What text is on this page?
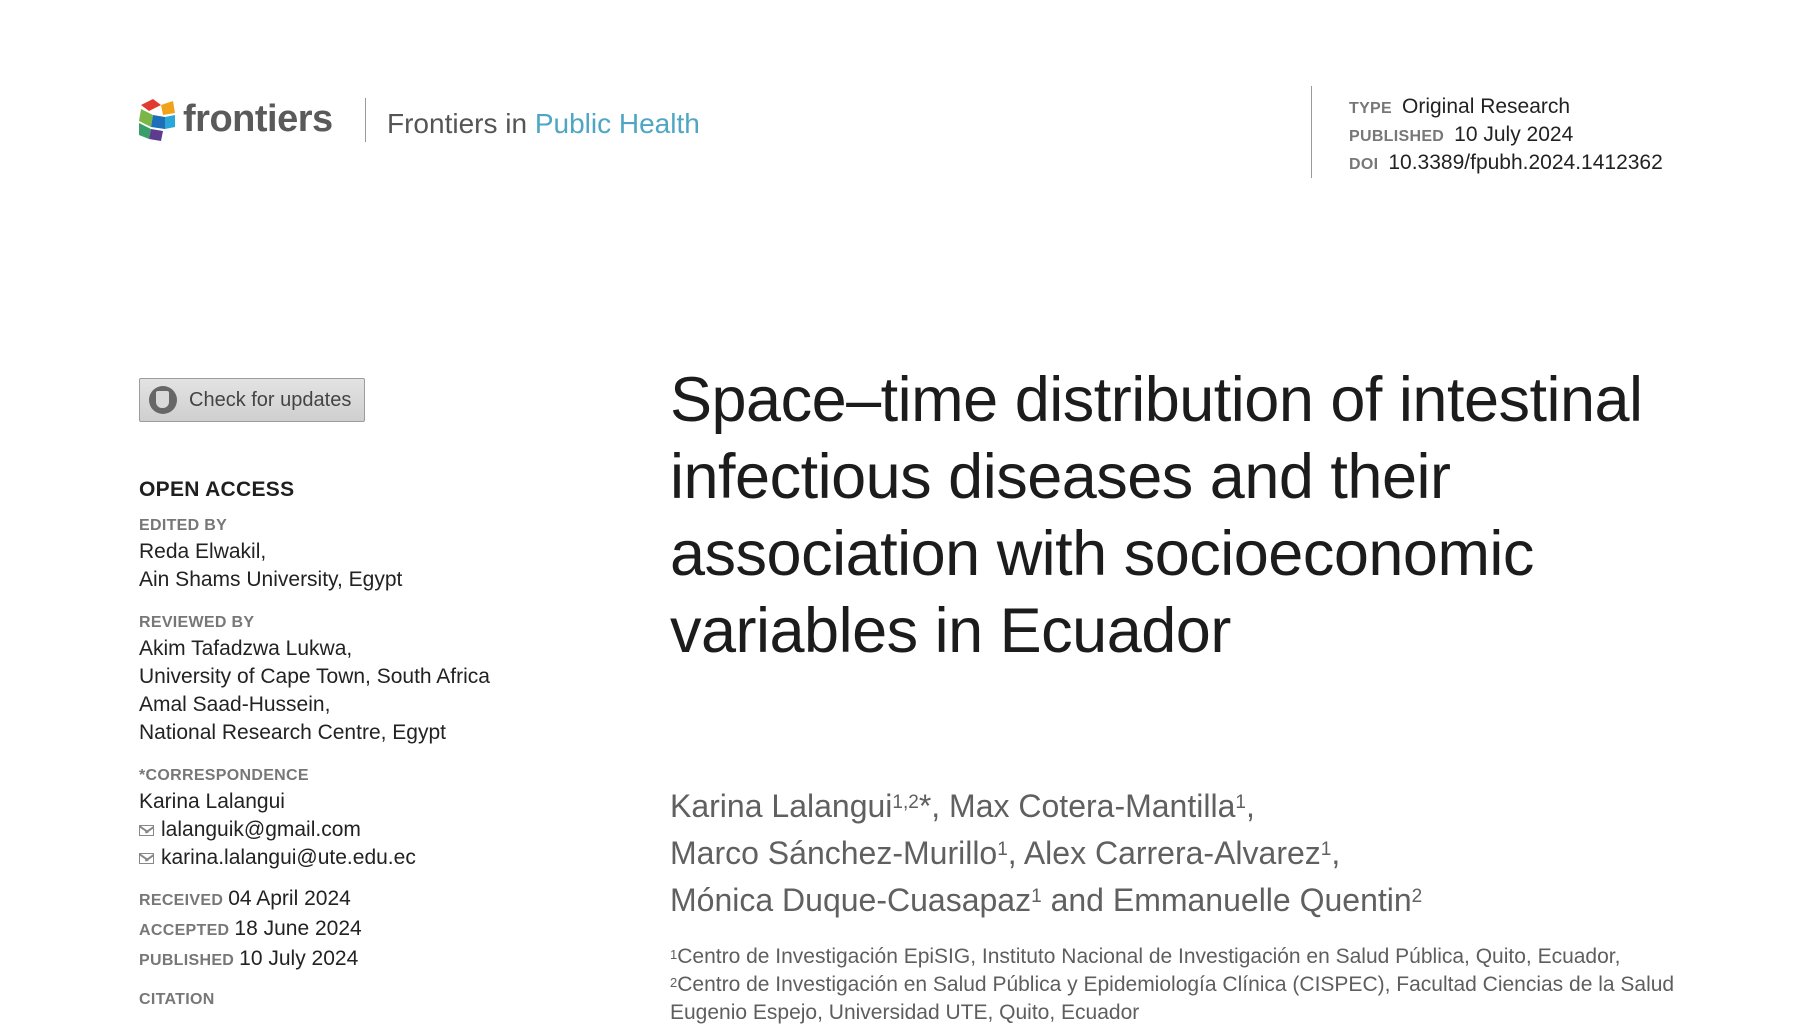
frontiers Frontiers in Public Health	TYPE Original Research
PUBLISHED 10 July 2024
DOI 10.3389/fpubh.2024.1412362
Check for updates
OPEN ACCESS
EDITED BY
Reda Elwakil,
Ain Shams University, Egypt
REVIEWED BY
Akim Tafadzwa Lukwa,
University of Cape Town, South Africa
Amal Saad-Hussein,
National Research Centre, Egypt
*CORRESPONDENCE
Karina Lalangui
lalanguik@gmail.com
karina.lalangui@ute.edu.ec
RECEIVED 04 April 2024
ACCEPTED 18 June 2024
PUBLISHED 10 July 2024
CITATION
Space–time distribution of intestinal infectious diseases and their association with socioeconomic variables in Ecuador
Karina Lalangui$^{1,2}$*, Max Cotera-Mantilla$^1$,
Marco Sánchez-Murillo$^1$, Alex Carrera-Alvarez$^1$,
Mónica Duque-Cuasapaz$^1$ and Emmanuelle Quentin$^2$
$^1$Centro de Investigación EpiSIG, Instituto Nacional de Investigación en Salud Pública, Quito, Ecuador,
$^2$Centro de Investigación en Salud Pública y Epidemiología Clínica (CISPEC), Facultad Ciencias de la Salud Eugenio Espejo, Universidad UTE, Quito, Ecuador
